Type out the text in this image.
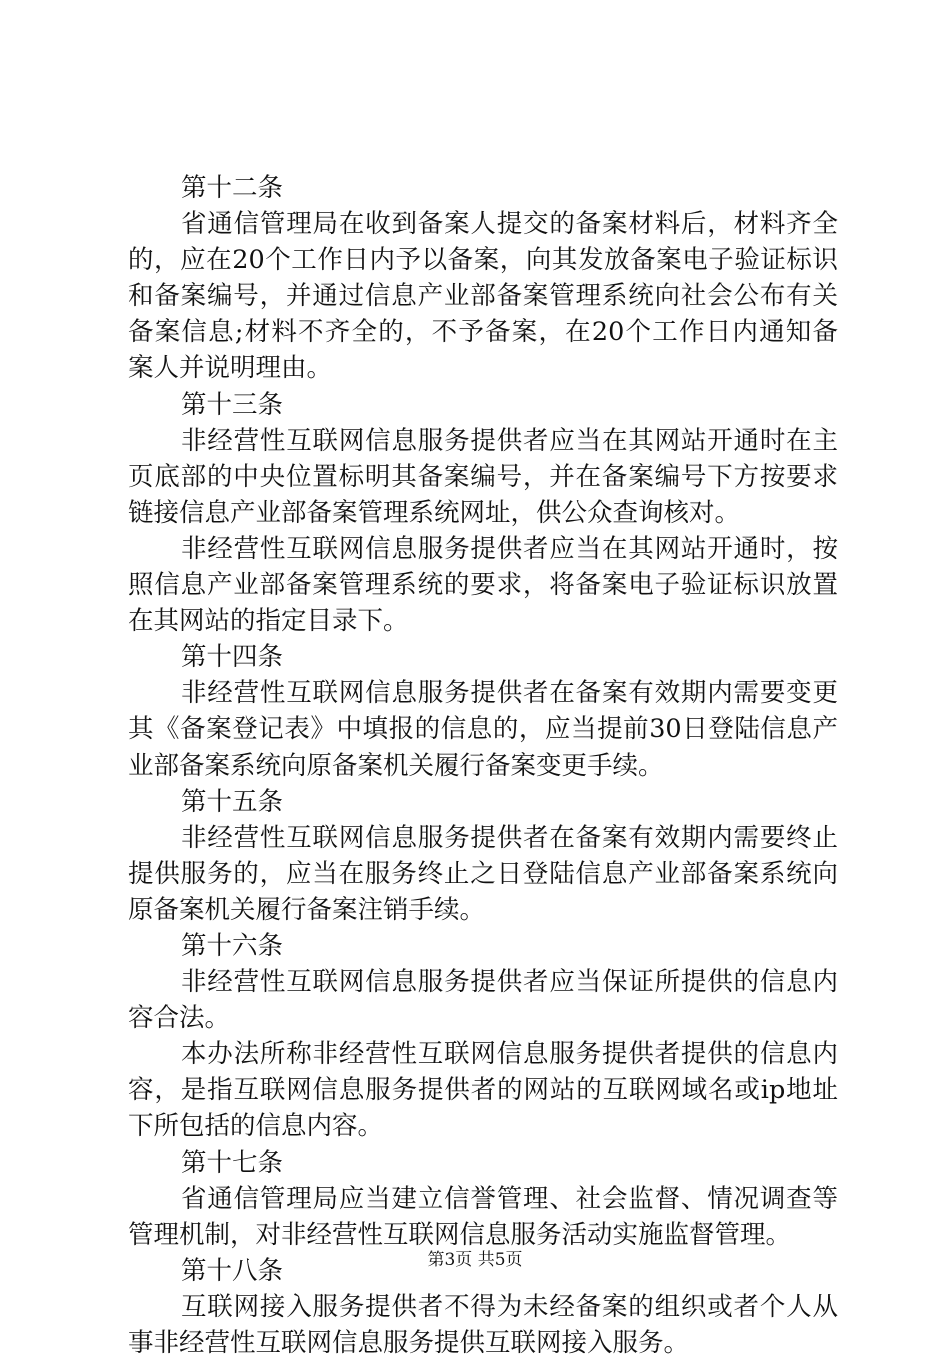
第十二条
省通信管理局在收到备案人提交的备案材料后，材料齐全
的，应在20个工作日内予以备案，向其发放备案电子验证标识
和备案编号，并通过信息产业部备案管理系统向社会公布有关
备案信息;材料不齐全的，不予备案，在20个工作日内通知备
案人并说明理由。
第十三条
非经营性互联网信息服务提供者应当在其网站开通时在主
页底部的中央位置标明其备案编号，并在备案编号下方按要求
链接信息产业部备案管理系统网址，供公众查询核对。
非经营性互联网信息服务提供者应当在其网站开通时，按
照信息产业部备案管理系统的要求，将备案电子验证标识放置
在其网站的指定目录下。
第十四条
非经营性互联网信息服务提供者在备案有效期内需要变更
其《备案登记表》中填报的信息的，应当提前30日登陆信息产
业部备案系统向原备案机关履行备案变更手续。
第十五条
非经营性互联网信息服务提供者在备案有效期内需要终止
提供服务的，应当在服务终止之日登陆信息产业部备案系统向
原备案机关履行备案注销手续。
第十六条
非经营性互联网信息服务提供者应当保证所提供的信息内
容合法。
本办法所称非经营性互联网信息服务提供者提供的信息内
容，是指互联网信息服务提供者的网站的互联网域名或ip地址
下所包括的信息内容。
第十七条
省通信管理局应当建立信誉管理、社会监督、情况调查等
管理机制，对非经营性互联网信息服务活动实施监督管理。
第十八条
互联网接入服务提供者不得为未经备案的组织或者个人从
事非经营性互联网信息服务提供互联网接入服务。
第3页 共5页
